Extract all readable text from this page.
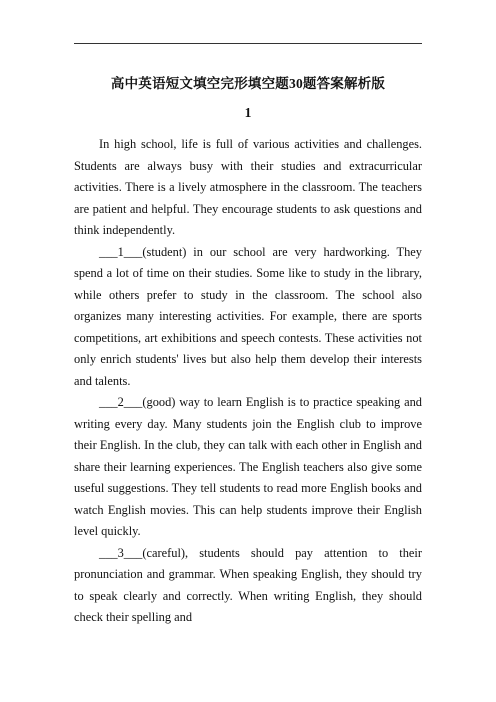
高中英语短文填空完形填空题30题答案解析版
1

In high school, life is full of various activities and challenges. Students are always busy with their studies and extracurricular activities. There is a lively atmosphere in the classroom. The teachers are patient and helpful. They encourage students to ask questions and think independently.

___1___(student) in our school are very hardworking. They spend a lot of time on their studies. Some like to study in the library, while others prefer to study in the classroom. The school also organizes many interesting activities. For example, there are sports competitions, art exhibitions and speech contests. These activities not only enrich students' lives but also help them develop their interests and talents.

___2___(good) way to learn English is to practice speaking and writing every day. Many students join the English club to improve their English. In the club, they can talk with each other in English and share their learning experiences. The English teachers also give some useful suggestions. They tell students to read more English books and watch English movies. This can help students improve their English level quickly.

___3___(careful), students should pay attention to their pronunciation and grammar. When speaking English, they should try to speak clearly and correctly. When writing English, they should check their spelling and
